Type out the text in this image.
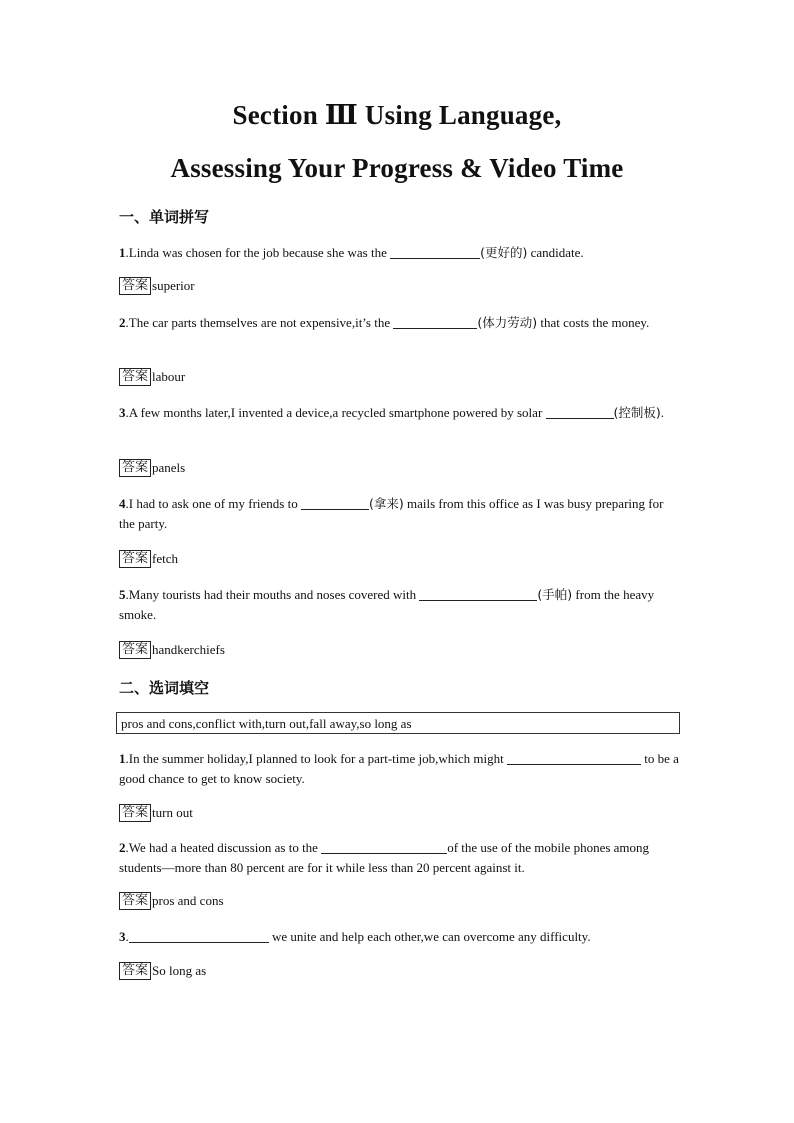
Section Ⅲ Using Language,
Assessing Your Progress & Video Time
一、单词拼写

1.Linda was chosen for the job because she was the	(更好的) candidate.

答案 superior

2.The car parts themselves are not expensive,it’s the	(体力劳动) that costs the money.

答案 labour

3.A few months later,I invented a device,a recycled smartphone powered by solar	(控制板).

答案 panels

4.I had to ask one of my friends to	(拿来) mails from this office as I was busy preparing for the party.

答案 fetch

5.Many tourists had their mouths and noses covered with	(手帕) from the heavy smoke.

答案 handkerchiefs
二、选词填空
pros and cons,conflict with,turn out,fall away,so long as

1.In the summer holiday,I planned to look for a part-time job,which might	to be a good chance to get to know society.

答案 turn out

2.We had a heated discussion as to the	of the use of the mobile phones among students—more than 80 percent are for it while less than 20 percent against it.

答案 pros and cons

3.	we unite and help each other,we can overcome any difficulty.

答案 So long as
